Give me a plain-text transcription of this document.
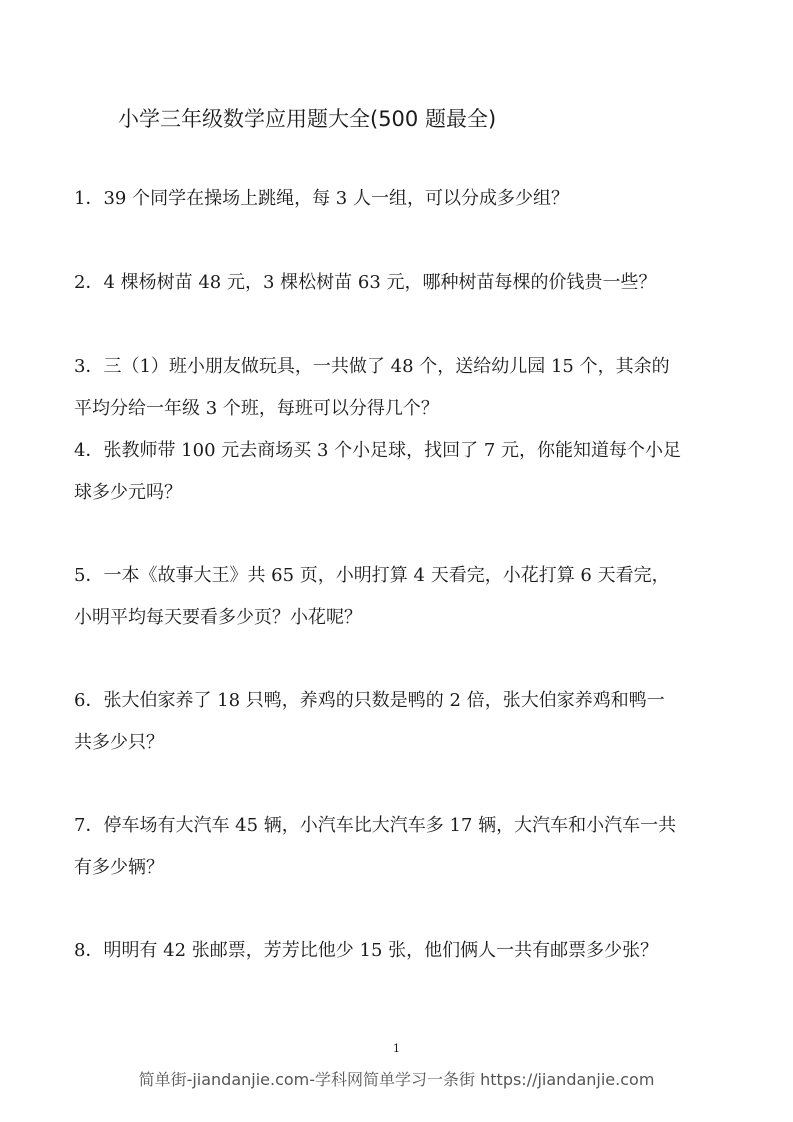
小学三年级数学应用题大全(500 题最全)
1．39 个同学在操场上跳绳，每 3 人一组，可以分成多少组？
2．4 棵杨树苗 48 元，3 棵松树苗 63 元，哪种树苗每棵的价钱贵一些？
3．三（1）班小朋友做玩具，一共做了 48 个，送给幼儿园 15 个，其余的
平均分给一年级 3 个班，每班可以分得几个？
4．张教师带 100 元去商场买 3 个小足球，找回了 7 元，你能知道每个小足
球多少元吗？
5．一本《故事大王》共 65 页，小明打算 4 天看完，小花打算 6 天看完，
小明平均每天要看多少页？小花呢？
6．张大伯家养了 18 只鸭，养鸡的只数是鸭的 2 倍，张大伯家养鸡和鸭一
共多少只？
7．停车场有大汽车 45 辆，小汽车比大汽车多 17 辆，大汽车和小汽车一共
有多少辆？
8．明明有 42 张邮票，芳芳比他少 15 张，他们俩人一共有邮票多少张？
1
简单街-jiandanjie.com-学科网简单学习一条街 https://jiandanjie.com
